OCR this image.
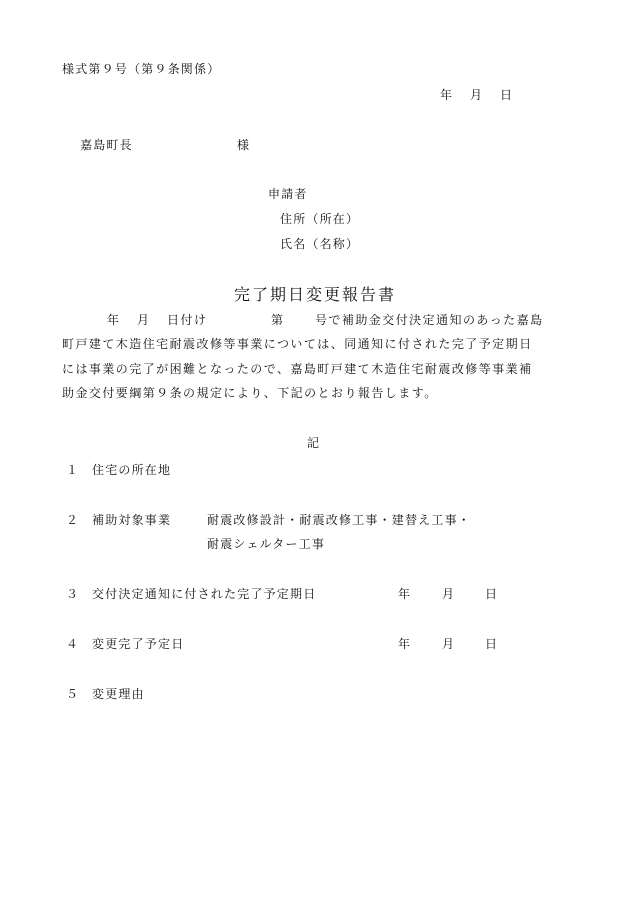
様式第９号（第９条関係）
年 月 日
嘉島町長	様
申請者
住所（所在）
氏名（名称）
完了期日変更報告書
年 月 日付け	第	号で補助金交付決定通知のあった嘉島
町戸建て木造住宅耐震改修等事業については、同通知に付された完了予定期日
には事業の完了が困難となったので、嘉島町戸建て木造住宅耐震改修等事業補
助金交付要綱第９条の規定により、下記のとおり報告します。
記
１ 住宅の所在地
２ 補助対象事業	耐震改修設計・耐震改修工事・建替え工事・
耐震シェルター工事
３ 交付決定通知に付された完了予定期日	年	月 日
４ 変更完了予定日	年	月 日
５ 変更理由
